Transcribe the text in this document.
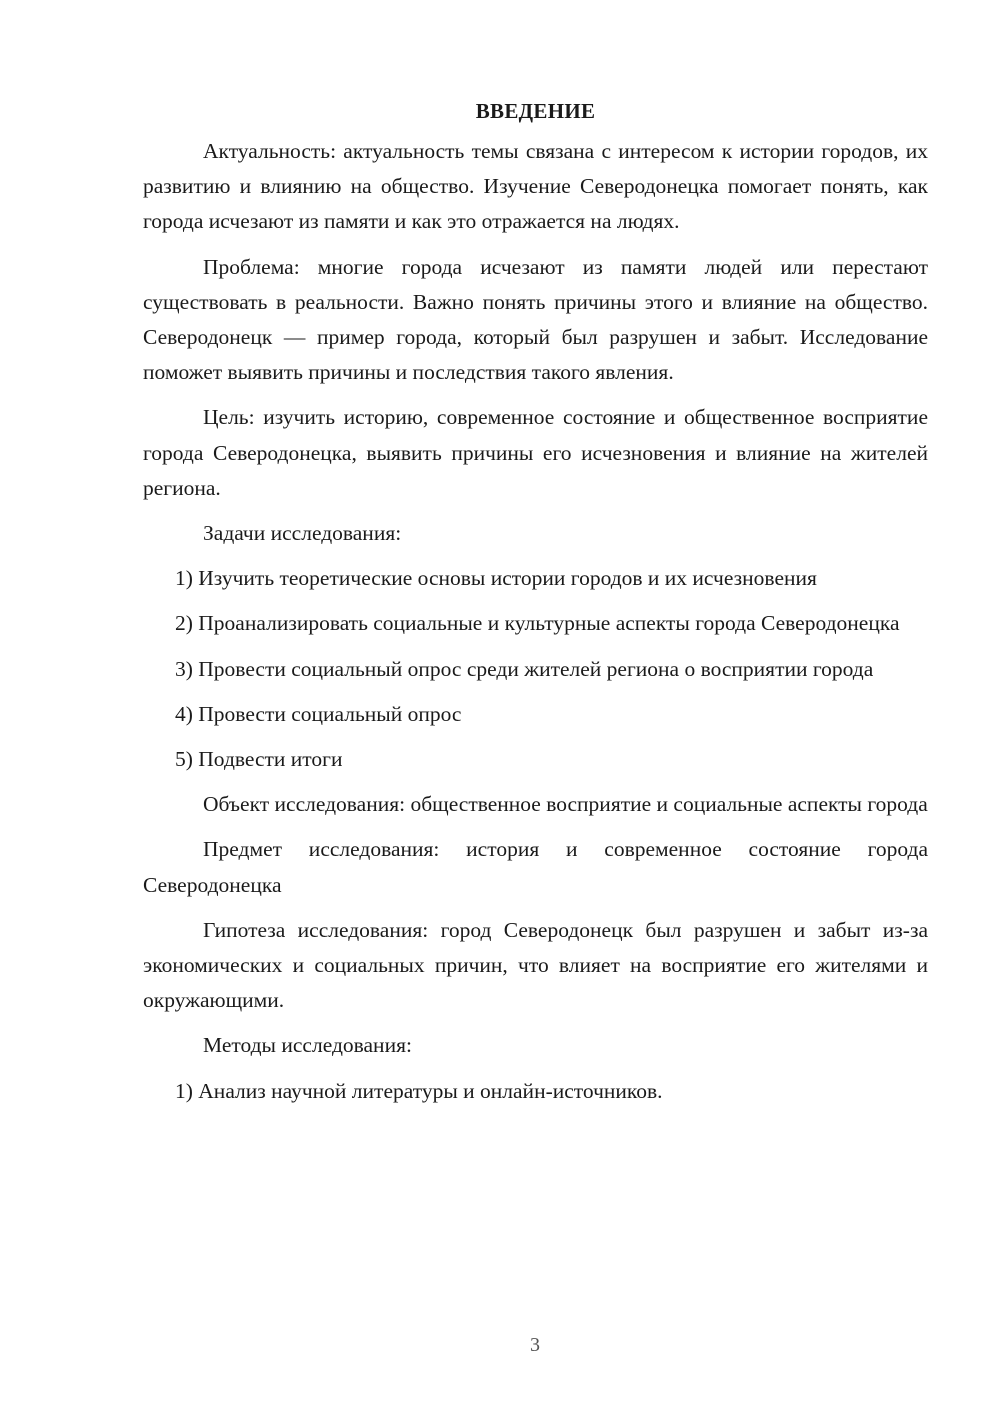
ВВЕДЕНИЕ

Актуальность: актуальность темы связана с интересом к истории городов, их развитию и влиянию на общество. Изучение Северодонецка помогает понять, как города исчезают из памяти и как это отражается на людях.

Проблема: многие города исчезают из памяти людей или перестают существовать в реальности. Важно понять причины этого и влияние на общество. Северодонецк — пример города, который был разрушен и забыт. Исследование поможет выявить причины и последствия такого явления.

Цель: изучить историю, современное состояние и общественное восприятие города Северодонецка, выявить причины его исчезновения и влияние на жителей региона.

Задачи исследования:

1) Изучить теоретические основы истории городов и их исчезновения

2) Проанализировать социальные и культурные аспекты города Северодонецка

3) Провести социальный опрос среди жителей региона о восприятии города

4) Провести социальный опрос

5) Подвести итоги

Объект исследования: общественное восприятие и социальные аспекты города

Предмет исследования: история и современное состояние города Северодонецка

Гипотеза исследования: город Северодонецк был разрушен и забыт из-за экономических и социальных причин, что влияет на восприятие его жителями и окружающими.

Методы исследования:

1) Анализ научной литературы и онлайн-источников.

3
